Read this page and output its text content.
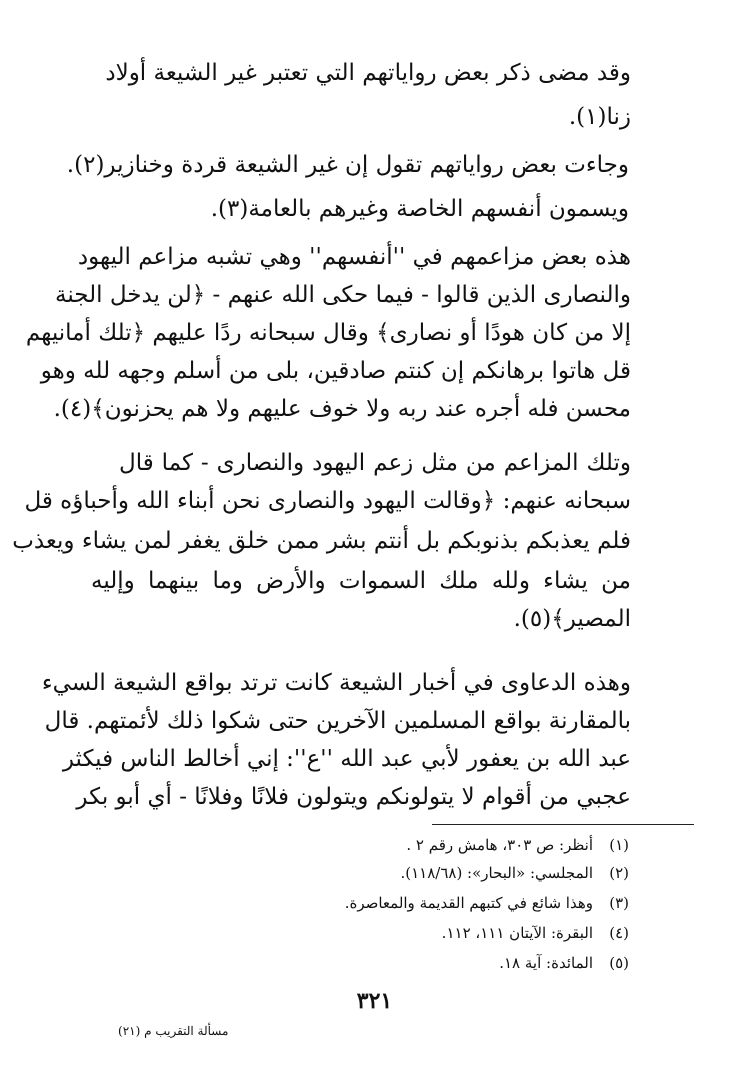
وقد مضى ذكر بعض رواياتهم التي تعتبر غير الشيعة أولاد
زنا(١).
وجاءت بعض رواياتهم تقول إن غير الشيعة قردة وخنازير(٢).
ويسمون أنفسهم الخاصة وغيرهم بالعامة(٣).
هذه بعض مزاعمهم في ''أنفسهم'' وهي تشبه مزاعم اليهود
والنصارى الذين قالوا - فيما حكى الله عنهم - ﴿لن يدخل الجنة
إلا من كان هودًا أو نصارى﴾ وقال سبحانه ردًا عليهم ﴿تلك أمانيهم
قل هاتوا برهانكم إن كنتم صادقين، بلى من أسلم وجهه لله وهو
محسن فله أجره عند ربه ولا خوف عليهم ولا هم يحزنون﴾(٤).
وتلك المزاعم من مثل زعم اليهود والنصارى - كما قال
سبحانه عنهم: ﴿وقالت اليهود والنصارى نحن أبناء الله وأحباؤه قل
فلم يعذبكم بذنوبكم بل أنتم بشر ممن خلق يغفر لمن يشاء ويعذب
من يشاء ولله ملك السموات والأرض وما بينهما وإليه
المصير﴾(٥).
وهذه الدعاوى في أخبار الشيعة كانت ترتد بواقع الشيعة السيء
بالمقارنة بواقع المسلمين الآخرين حتى شكوا ذلك لأئمتهم. قال
عبد الله بن يعفور لأبي عبد الله ''ع'': إني أخالط الناس فيكثر
عجبي من أقوام لا يتولونكم ويتولون فلانًا وفلانًا - أي أبو بكر
(١)أنظر: ص ٣٠٣، هامش رقم ٢ .
(٢)المجلسي: «البحار»: (١١٨/٦٨).
(٣)وهذا شائع في كتبهم القديمة والمعاصرة.
(٤)البقرة: الآيتان ١١١، ١١٢.
(٥)المائدة: آية ١٨.
٣٢١
مسألة التقريب م (٢١)
